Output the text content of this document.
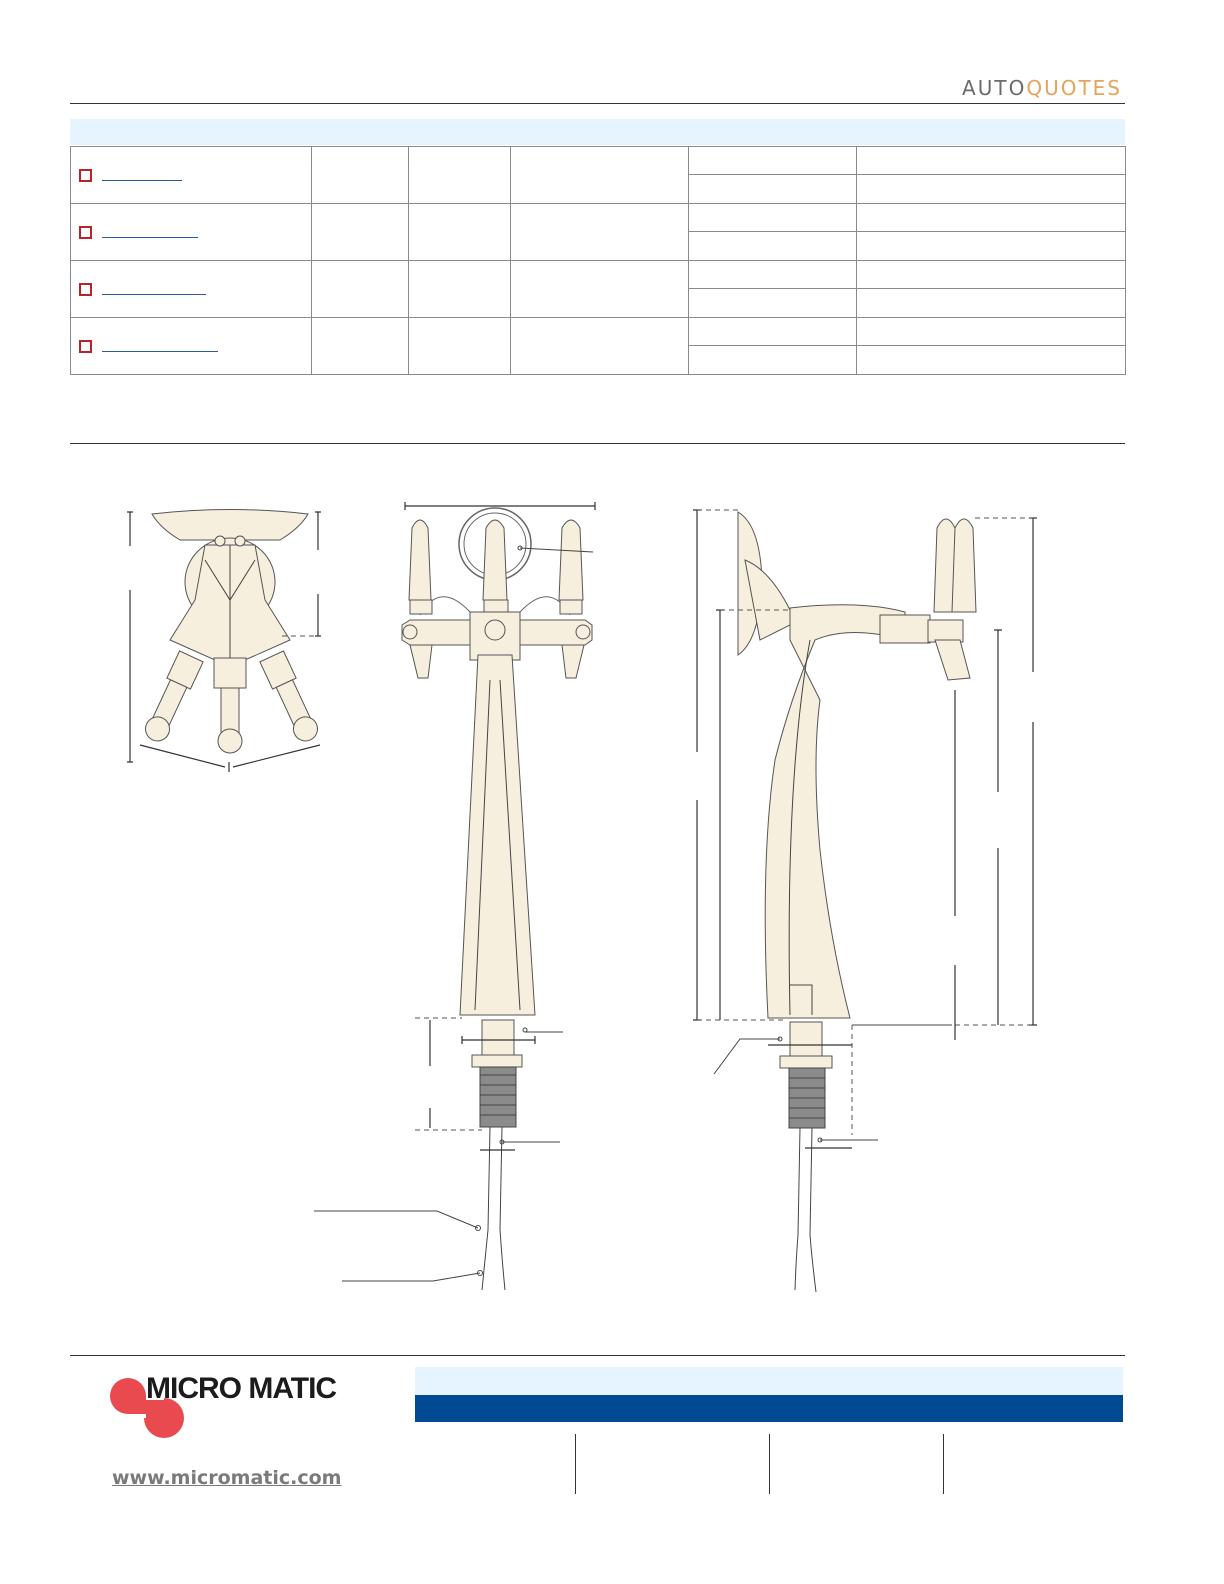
AUTOQUOTES

MICRO MATIC
www.micromatic.com
